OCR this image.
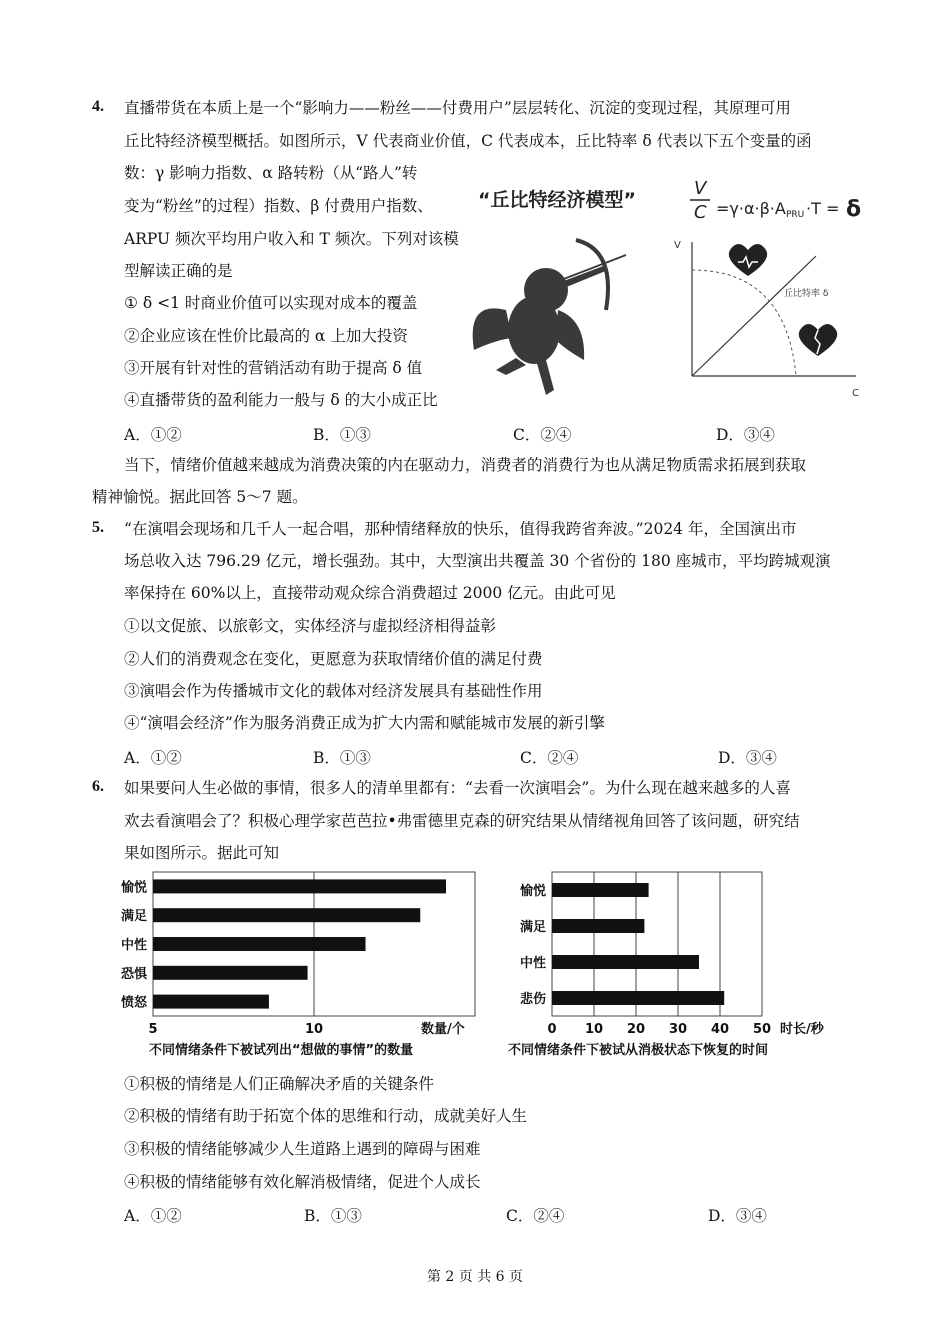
4. 直播带货在本质上是一个“影响力——粉丝——付费用户”层层转化、沉淀的变现过程，其原理可用
丘比特经济模型概括。如图所示，V 代表商业价值，C 代表成本，丘比特率 δ 代表以下五个变量的函
数：γ 影响力指数、α 路转粉（从“路人”转
变为“粉丝”的过程）指数、β 付费用户指数、
ARPU 频次平均用户收入和 T 频次。下列对该模
型解读正确的是
① δ <1 时商业价值可以实现对成本的覆盖
②企业应该在性价比最高的 α 上加大投资
③开展有针对性的营销活动有助于提高 δ 值
④直播带货的盈利能力一般与 δ 的大小成正比
“丘比特经济模型”
V
C =γ·α·β·A PRU ·T = δ
V
C
丘比特率 δ
A．①②	B．①③	C．②④	D．③④
当下，情绪价值越来越成为消费决策的内在驱动力，消费者的消费行为也从满足物质需求拓展到获取
精神愉悦。据此回答 5～7 题。
5. “在演唱会现场和几千人一起合唱，那种情绪释放的快乐，值得我跨省奔波。”2024 年，全国演出市
场总收入达 796.29 亿元，增长强劲。其中，大型演出共覆盖 30 个省份的 180 座城市，平均跨城观演
率保持在 60%以上，直接带动观众综合消费超过 2000 亿元。由此可见
①以文促旅、以旅彰文，实体经济与虚拟经济相得益彰
②人们的消费观念在变化，更愿意为获取情绪价值的满足付费
③演唱会作为传播城市文化的载体对经济发展具有基础性作用
④“演唱会经济”作为服务消费正成为扩大内需和赋能城市发展的新引擎
A．①②	B．①③	C．②④	D．③④
6. 如果要问人生必做的事情，很多人的清单里都有：“去看一次演唱会”。为什么现在越来越多的人喜
欢去看演唱会了？积极心理学家芭芭拉•弗雷德里克森的研究结果从情绪视角回答了该问题，研究结
果如图所示。据此可知
愉悦
满足
中性
恐惧
愤怒
5	10	数量/个
不同情绪条件下被试列出“想做的事情”的数量
愉悦
满足
中性
悲伤
0 10 20 30 40 50 时长/秒
不同情绪条件下被试从消极状态下恢复的时间
①积极的情绪是人们正确解决矛盾的关键条件
②积极的情绪有助于拓宽个体的思维和行动，成就美好人生
③积极的情绪能够减少人生道路上遇到的障碍与困难
④积极的情绪能够有效化解消极情绪，促进个人成长
A．①②	B．①③	C．②④	D．③④
第 2 页 共 6 页
